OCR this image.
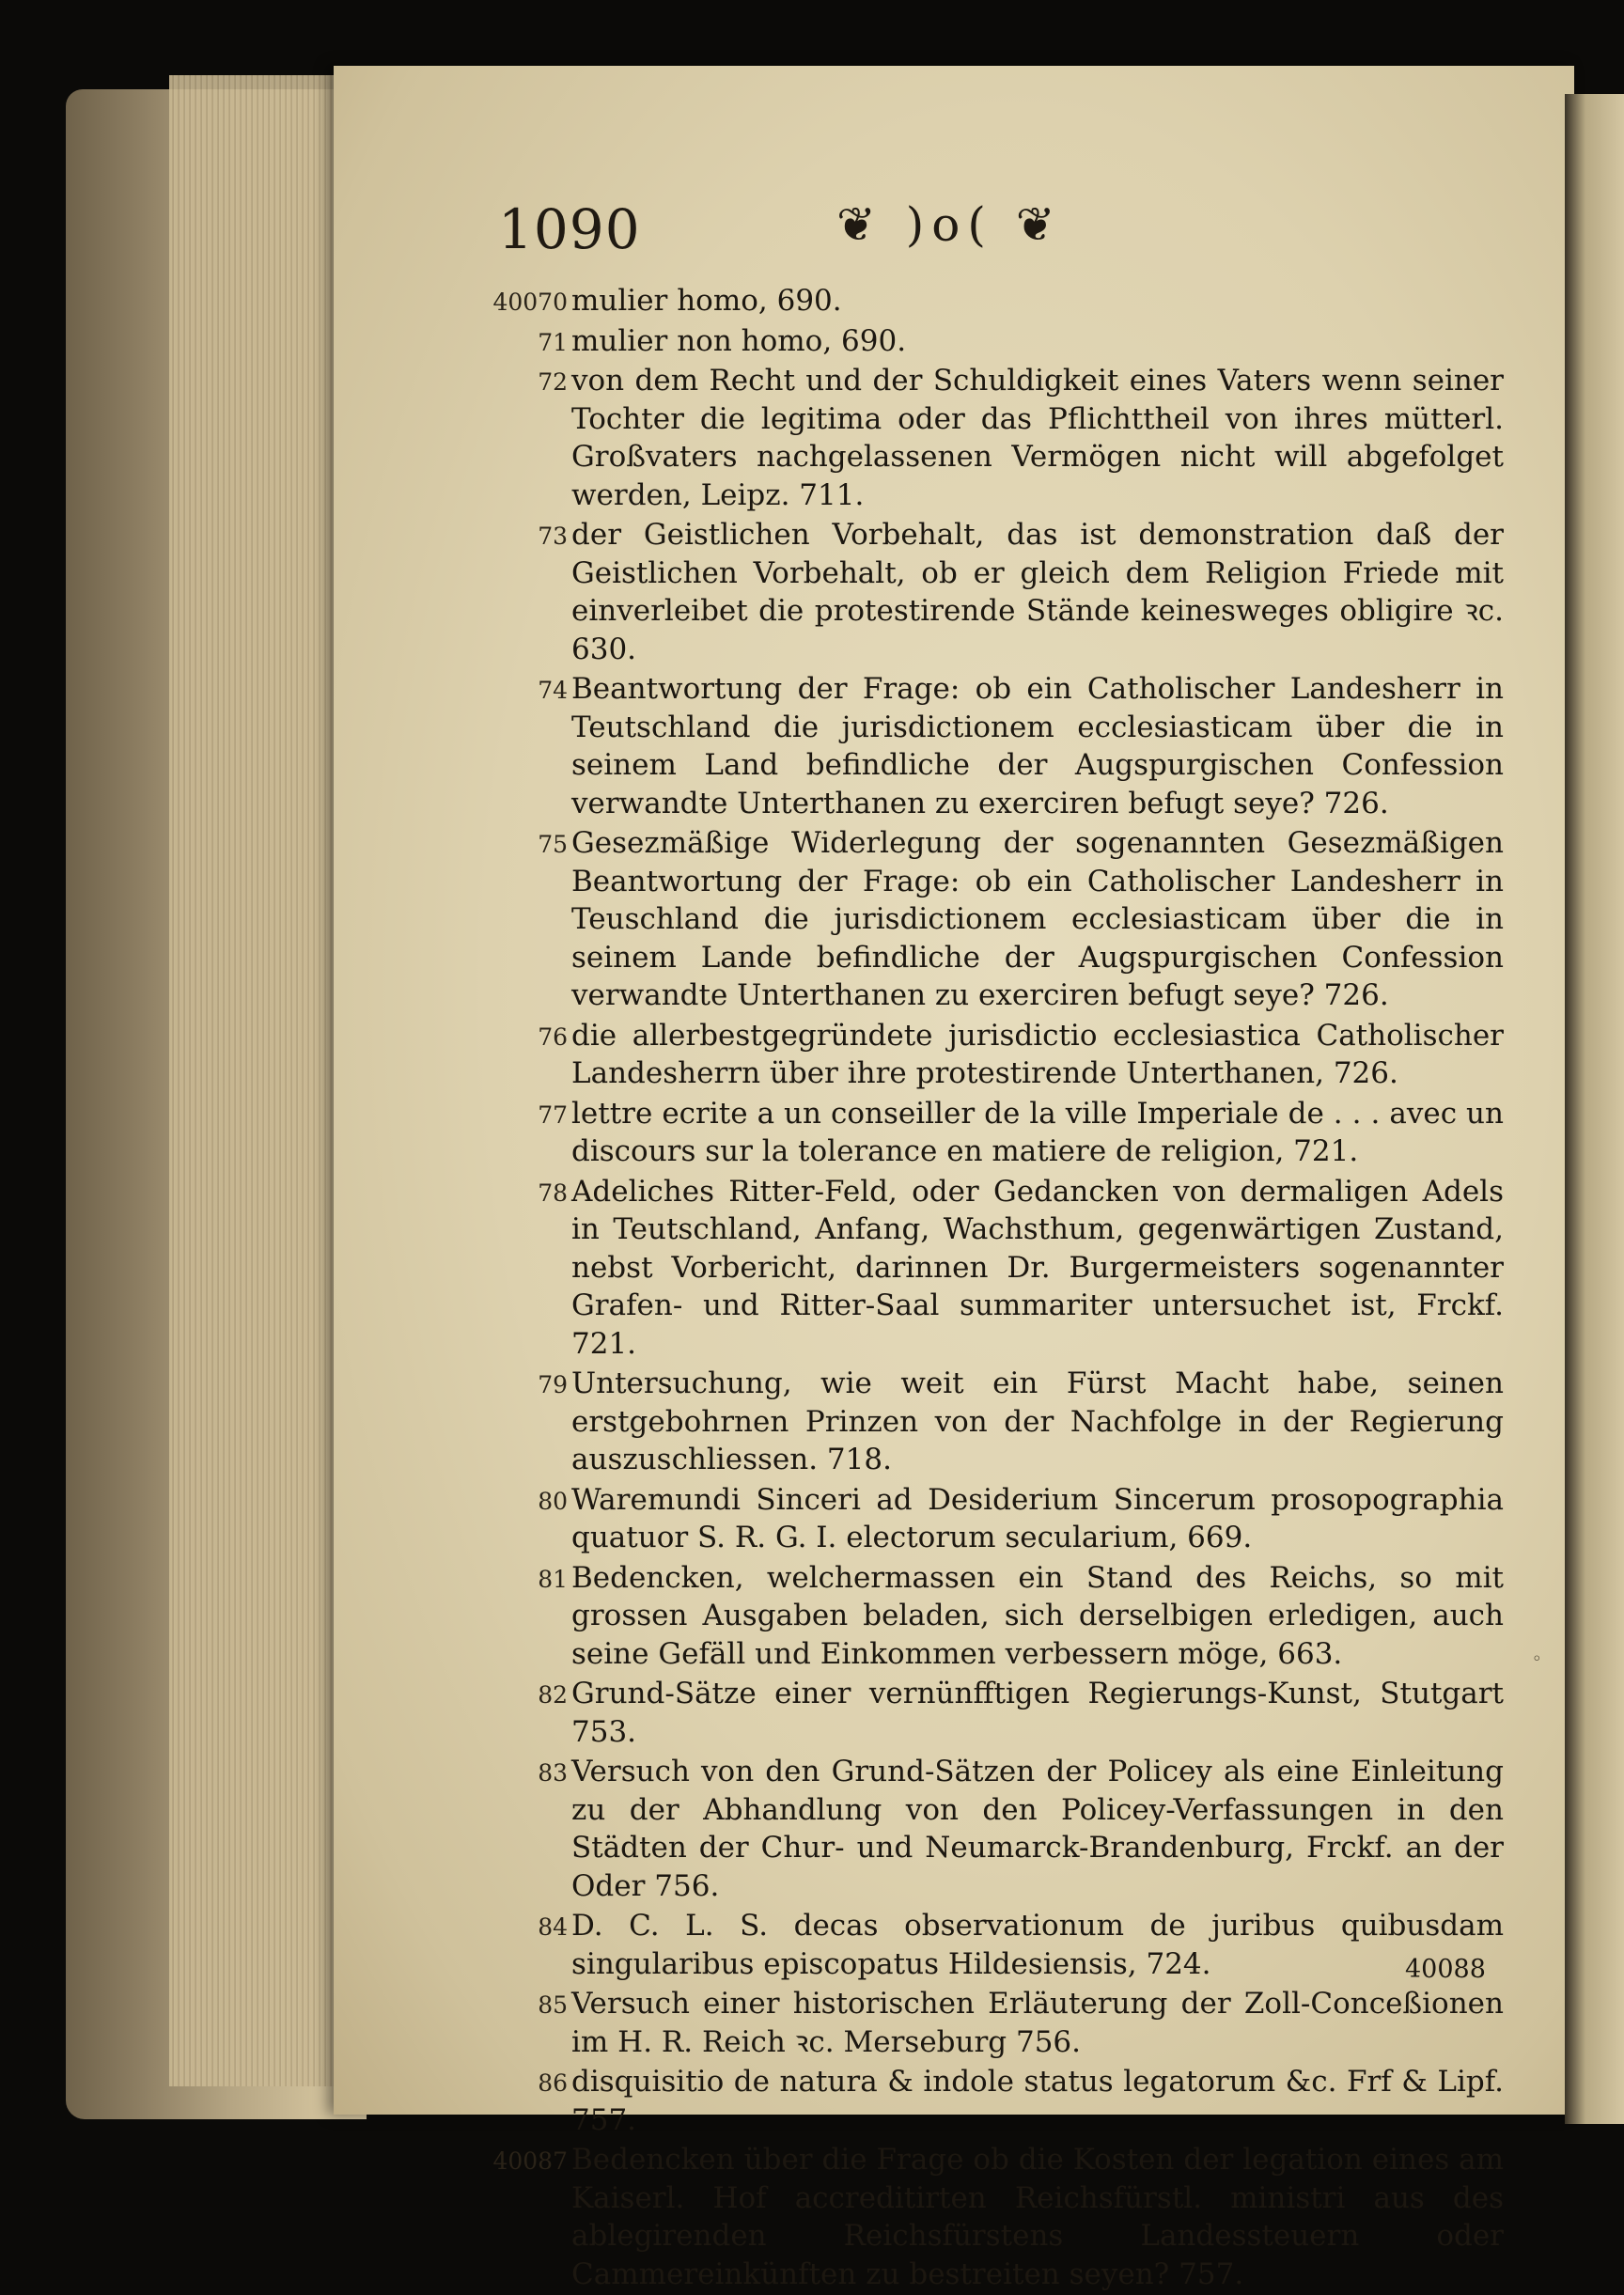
1090	❦ )o( ❦
40070 mulier homo, 690.
71 mulier non homo, 690.
72 von dem Recht und der Schuldigkeit eines Vaters wenn seiner Tochter die legitima oder das Pflichttheil von ihres mütterl. Großvaters nachgelassenen Vermögen nicht will abgefolget werden, Leipz. 711.
73 der Geistlichen Vorbehalt, das ist demonstration daß der Geistlichen Vorbehalt, ob er gleich dem Religion Friede mit einverleibet die protestirende Stände keinesweges obligire ꝛc. 630.
74 Beantwortung der Frage: ob ein Catholischer Landesherr in Teutschland die jurisdictionem ecclesiasticam über die in seinem Land befindliche der Augspurgischen Confession verwandte Unterthanen zu exerciren befugt seye? 726.
75 Gesezmäßige Widerlegung der sogenannten Gesezmäßigen Beantwortung der Frage: ob ein Catholischer Landesherr in Teuschland die jurisdictionem ecclesiasticam über die in seinem Lande befindliche der Augspurgischen Confession verwandte Unterthanen zu exerciren befugt seye? 726.
76 die allerbestgegründete jurisdictio ecclesiastica Catholischer Landesherrn über ihre protestirende Unterthanen, 726.
77 lettre ecrite a un conseiller de la ville Imperiale de . . . avec un discours sur la tolerance en matiere de religion, 721.
78 Adeliches Ritter-Feld, oder Gedancken von dermaligen Adels in Teutschland, Anfang, Wachsthum, gegenwärtigen Zustand, nebst Vorbericht, darinnen Dr. Burgermeisters sogenannter Grafen- und Ritter-Saal summariter untersuchet ist, Frckf. 721.
79 Untersuchung, wie weit ein Fürst Macht habe, seinen erstgebohrnen Prinzen von der Nachfolge in der Regierung auszuschliessen. 718.
80 Waremundi Sinceri ad Desiderium Sincerum prosopographia quatuor S. R. G. I. electorum secularium, 669.
81 Bedencken, welchermassen ein Stand des Reichs, so mit grossen Ausgaben beladen, sich derselbigen erledigen, auch seine Gefäll und Einkommen verbessern möge, 663.
82 Grund-Sätze einer vernünfftigen Regierungs-Kunst, Stutgart 753.
83 Versuch von den Grund-Sätzen der Policey als eine Einleitung zu der Abhandlung von den Policey-Verfassungen in den Städten der Chur- und Neumarck-Brandenburg, Frckf. an der Oder 756.
84 D. C. L. S. decas observationum de juribus quibusdam singularibus episcopatus Hildesiensis, 724.
85 Versuch einer historischen Erläuterung der Zoll-Conceßionen im H. R. Reich ꝛc. Merseburg 756.
86 disquisitio de natura & indole status legatorum &c. Frf & Lipf. 757.
40087 Bedencken über die Frage ob die Kosten der legation eines am Kaiserl. Hof accreditirten Reichsfürstl. ministri aus des ablegirenden Reichsfürstens Landessteuern oder Cammereinkünften zu bestreiten seyen? 757.
◦
40088
